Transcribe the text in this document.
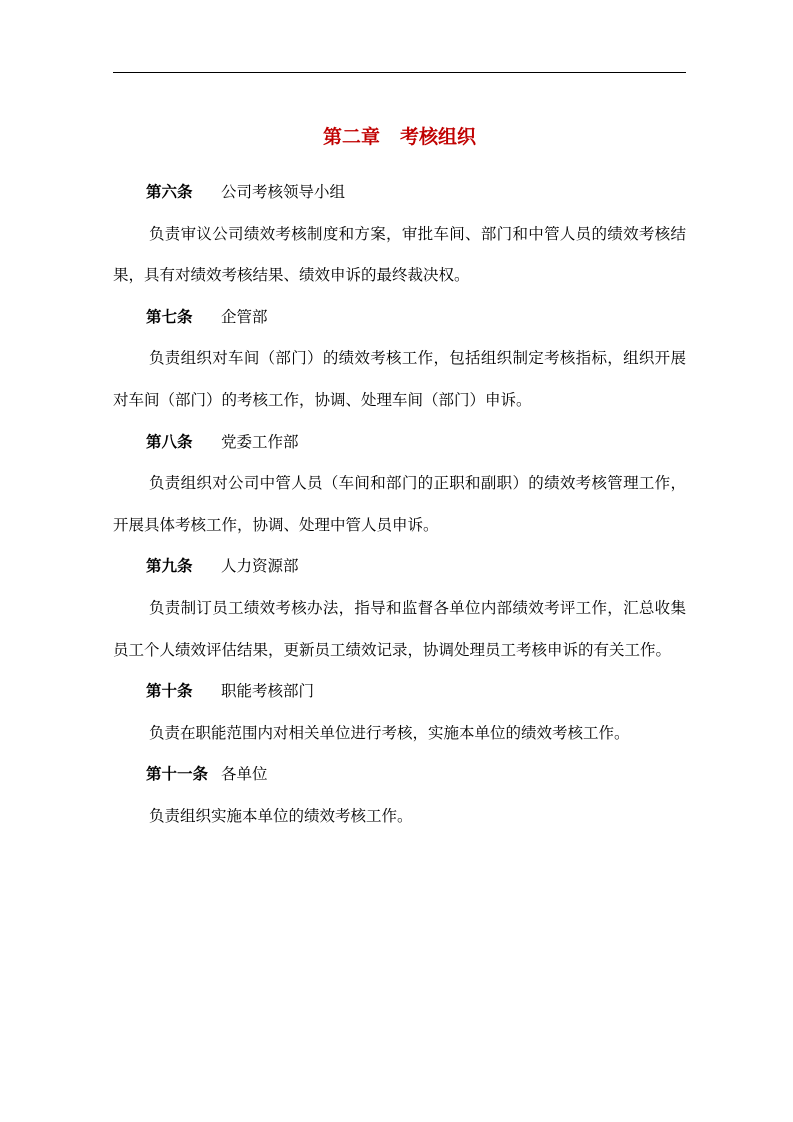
第二章 考核组织
第六条 公司考核领导小组
负责审议公司绩效考核制度和方案，审批车间、部门和中管人员的绩效考核结
果，具有对绩效考核结果、绩效申诉的最终裁决权。
第七条 企管部
负责组织对车间（部门）的绩效考核工作，包括组织制定考核指标，组织开展
对车间（部门）的考核工作，协调、处理车间（部门）申诉。
第八条 党委工作部
负责组织对公司中管人员（车间和部门的正职和副职）的绩效考核管理工作，
开展具体考核工作，协调、处理中管人员申诉。
第九条 人力资源部
负责制订员工绩效考核办法，指导和监督各单位内部绩效考评工作，汇总收集
员工个人绩效评估结果，更新员工绩效记录，协调处理员工考核申诉的有关工作。
第十条 职能考核部门
负责在职能范围内对相关单位进行考核，实施本单位的绩效考核工作。
第十一条 各单位
负责组织实施本单位的绩效考核工作。
